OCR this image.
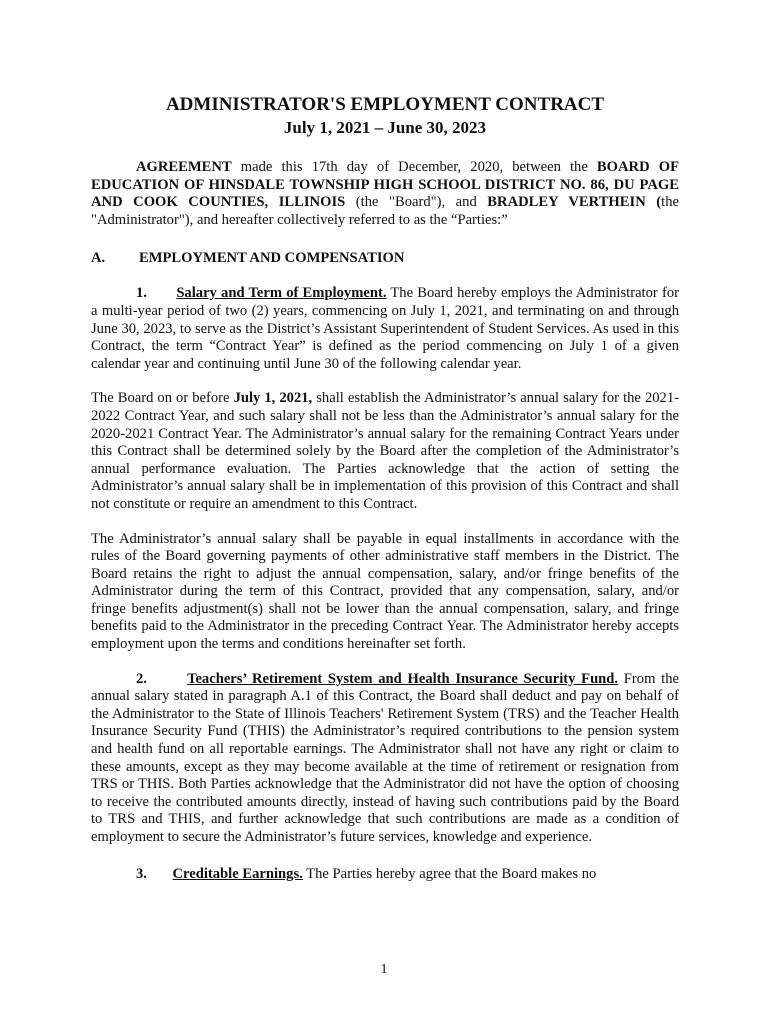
ADMINISTRATOR'S EMPLOYMENT CONTRACT
July 1, 2021 – June 30, 2023

AGREEMENT made this 17th day of December, 2020, between the BOARD OF EDUCATION OF HINSDALE TOWNSHIP HIGH SCHOOL DISTRICT NO. 86, DU PAGE AND COOK COUNTIES, ILLINOIS (the "Board"), and BRADLEY VERTHEIN (the "Administrator"), and hereafter collectively referred to as the “Parties:”

A. EMPLOYMENT AND COMPENSATION

1. Salary and Term of Employment. The Board hereby employs the Administrator for a multi-year period of two (2) years, commencing on July 1, 2021, and terminating on and through June 30, 2023, to serve as the District’s Assistant Superintendent of Student Services. As used in this Contract, the term “Contract Year” is defined as the period commencing on July 1 of a given calendar year and continuing until June 30 of the following calendar year.

The Board on or before July 1, 2021, shall establish the Administrator’s annual salary for the 2021-2022 Contract Year, and such salary shall not be less than the Administrator’s annual salary for the 2020-2021 Contract Year. The Administrator’s annual salary for the remaining Contract Years under this Contract shall be determined solely by the Board after the completion of the Administrator’s annual performance evaluation. The Parties acknowledge that the action of setting the Administrator’s annual salary shall be in implementation of this provision of this Contract and shall not constitute or require an amendment to this Contract.

The Administrator’s annual salary shall be payable in equal installments in accordance with the rules of the Board governing payments of other administrative staff members in the District. The Board retains the right to adjust the annual compensation, salary, and/or fringe benefits of the Administrator during the term of this Contract, provided that any compensation, salary, and/or fringe benefits adjustment(s) shall not be lower than the annual compensation, salary, and fringe benefits paid to the Administrator in the preceding Contract Year. The Administrator hereby accepts employment upon the terms and conditions hereinafter set forth.

2.	Teachers’ Retirement System and Health Insurance Security Fund. From the annual salary stated in paragraph A.1 of this Contract, the Board shall deduct and pay on behalf of the Administrator to the State of Illinois Teachers' Retirement System (TRS) and the Teacher Health Insurance Security Fund (THIS) the Administrator’s required contributions to the pension system and health fund on all reportable earnings. The Administrator shall not have any right or claim to these amounts, except as they may become available at the time of retirement or resignation from TRS or THIS. Both Parties acknowledge that the Administrator did not have the option of choosing to receive the contributed amounts directly, instead of having such contributions paid by the Board to TRS and THIS, and further acknowledge that such contributions are made as a condition of employment to secure the Administrator’s future services, knowledge and experience.

3. Creditable Earnings. The Parties hereby agree that the Board makes no

1
